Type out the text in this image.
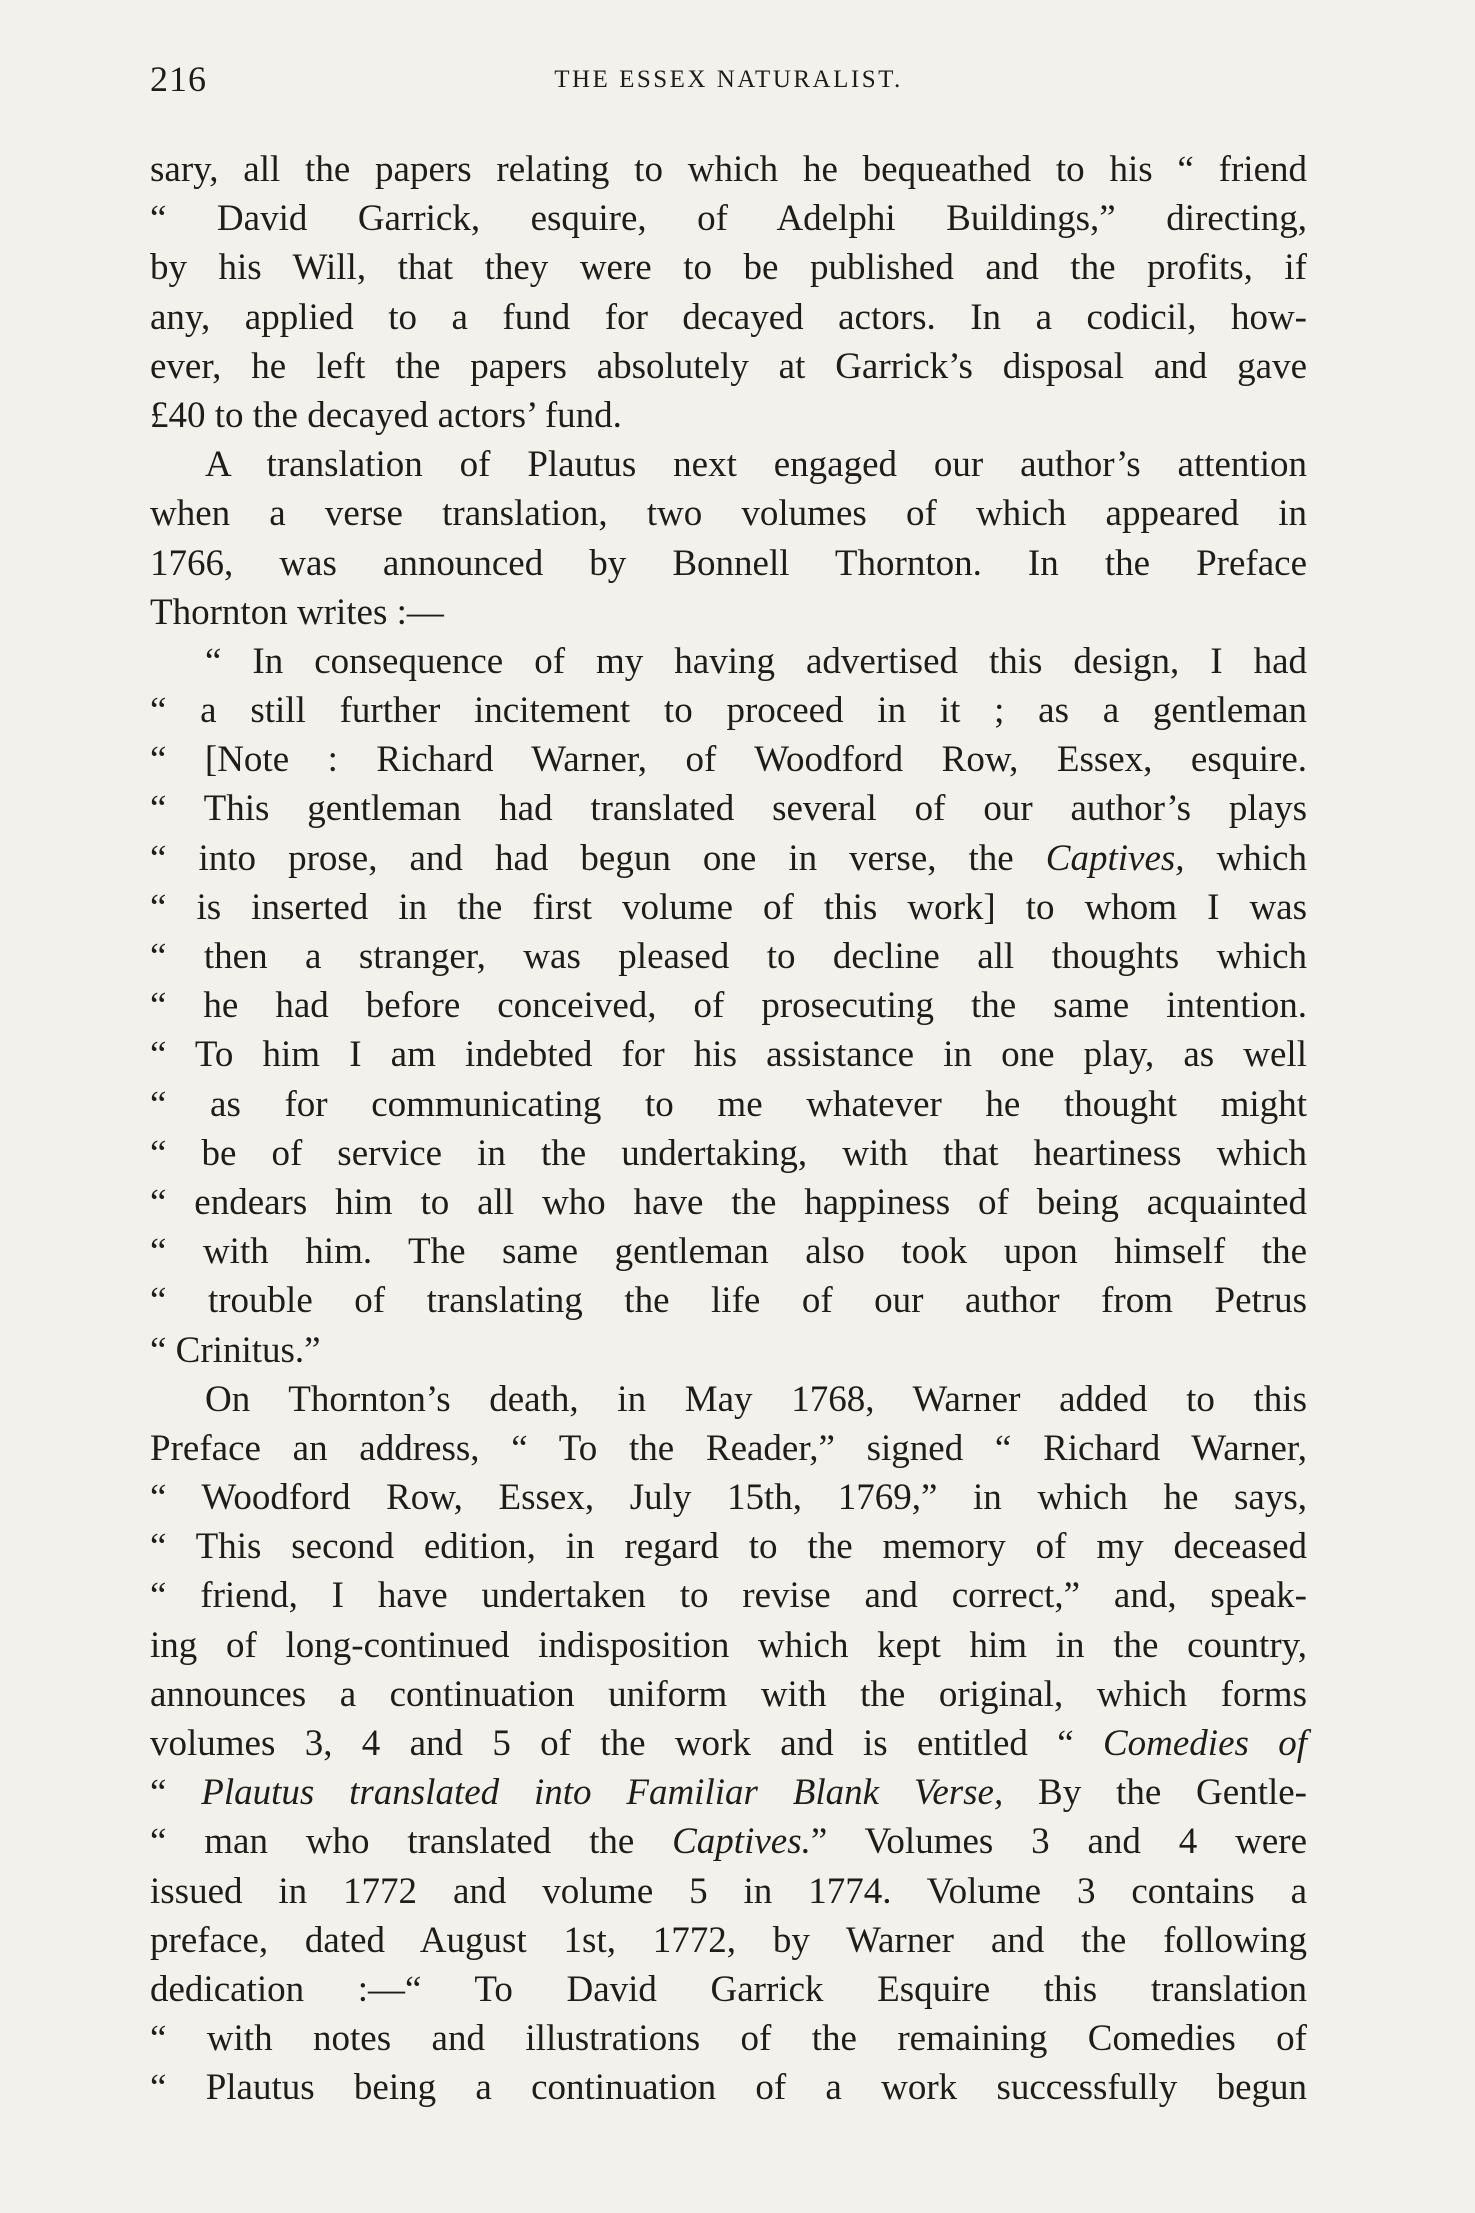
216	THE ESSEX NATURALIST.
sary, all the papers relating to which he bequeathed to his “ friend
“ David Garrick, esquire, of Adelphi Buildings,” directing,
by his Will, that they were to be published and the profits, if
any, applied to a fund for decayed actors. In a codicil, how-
ever, he left the papers absolutely at Garrick’s disposal and gave
£40 to the decayed actors’ fund.
A translation of Plautus next engaged our author’s attention
when a verse translation, two volumes of which appeared in
1766, was announced by Bonnell Thornton. In the Preface
Thornton writes :—
“ In consequence of my having advertised this design, I had
“ a still further incitement to proceed in it ; as a gentleman
“ [Note : Richard Warner, of Woodford Row, Essex, esquire.
“ This gentleman had translated several of our author’s plays
“ into prose, and had begun one in verse, the Captives, which
“ is inserted in the first volume of this work] to whom I was
“ then a stranger, was pleased to decline all thoughts which
“ he had before conceived, of prosecuting the same intention.
“ To him I am indebted for his assistance in one play, as well
“ as for communicating to me whatever he thought might
“ be of service in the undertaking, with that heartiness which
“ endears him to all who have the happiness of being acquainted
“ with him. The same gentleman also took upon himself the
“ trouble of translating the life of our author from Petrus
“ Crinitus.”
On Thornton’s death, in May 1768, Warner added to this
Preface an address, “ To the Reader,” signed “ Richard Warner,
“ Woodford Row, Essex, July 15th, 1769,” in which he says,
“ This second edition, in regard to the memory of my deceased
“ friend, I have undertaken to revise and correct,” and, speak-
ing of long-continued indisposition which kept him in the country,
announces a continuation uniform with the original, which forms
volumes 3, 4 and 5 of the work and is entitled “ Comedies of
“ Plautus translated into Familiar Blank Verse, By the Gentle-
“ man who translated the Captives.” Volumes 3 and 4 were
issued in 1772 and volume 5 in 1774. Volume 3 contains a
preface, dated August 1st, 1772, by Warner and the following
dedication :—“ To David Garrick Esquire this translation
“ with notes and illustrations of the remaining Comedies of
“ Plautus being a continuation of a work successfully begun
